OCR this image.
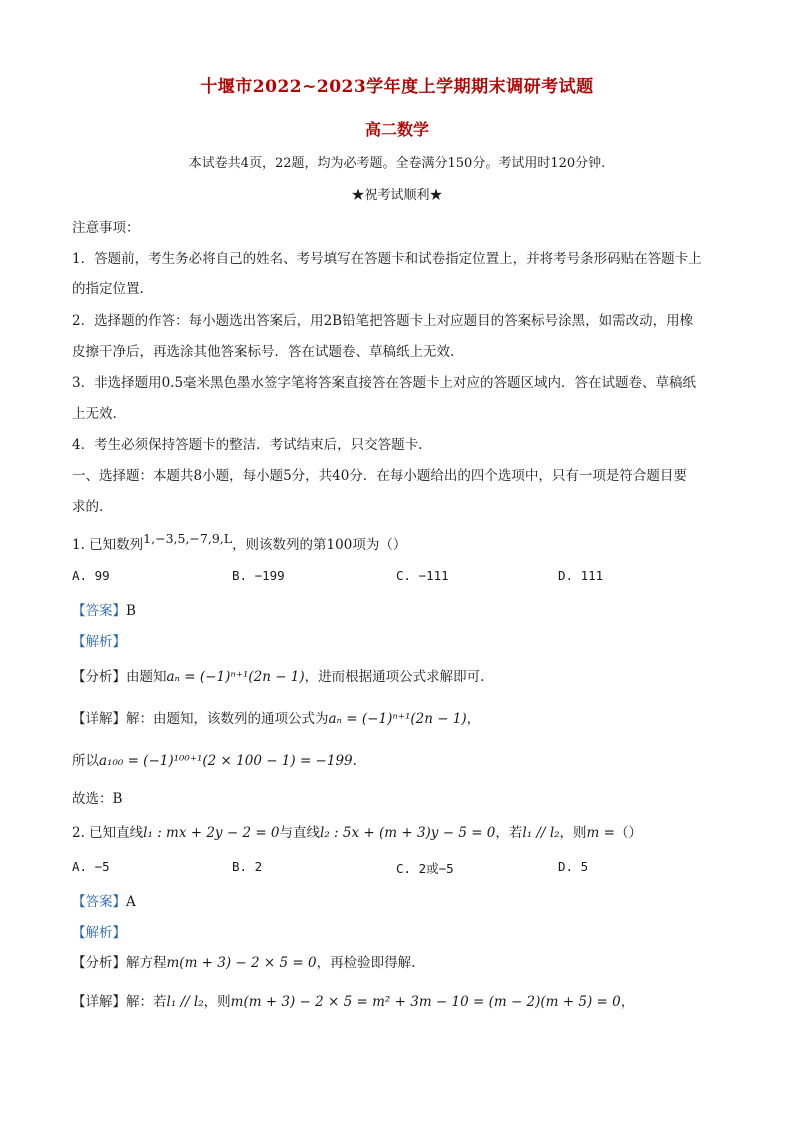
十堰市2022~2023学年度上学期期末调研考试题
高二数学
本试卷共4页，22题，均为必考题。全卷满分150分。考试用时120分钟.
★祝考试顺利★
注意事项：
1．答题前，考生务必将自己的姓名、考号填写在答题卡和试卷指定位置上，并将考号条形码贴在答题卡上
的指定位置.
2．选择题的作答：每小题选出答案后，用2B铅笔把答题卡上对应题目的答案标号涂黑，如需改动，用橡
皮擦干净后，再选涂其他答案标号．答在试题卷、草稿纸上无效.
3．非选择题用0.5毫米黑色墨水签字笔将答案直接答在答题卡上对应的答题区域内．答在试题卷、草稿纸
上无效.
4．考生必须保持答题卡的整洁．考试结束后，只交答题卡.
一、选择题：本题共8小题，每小题5分，共40分．在每小题给出的四个选项中，只有一项是符合题目要
求的.
1. 已知数列1,−3,5,−7,9,L，则该数列的第100项为（）
A. 99	B. −199	C. −111	D. 111
【答案】B
【解析】
【分析】由题知aₙ = (−1)ⁿ⁺¹(2n − 1)，进而根据通项公式求解即可.
【详解】解：由题知，该数列的通项公式为aₙ = (−1)ⁿ⁺¹(2n − 1)，
所以a₁₀₀ = (−1)¹⁰⁰⁺¹(2 × 100 − 1) = −199.
故选：B
2. 已知直线l₁ : mx + 2y − 2 = 0与直线l₂ : 5x + (m + 3)y − 5 = 0，若l₁ // l₂，则m =（）
A. −5	B. 2	C. 2或−5	D. 5
【答案】A
【解析】
【分析】解方程m(m + 3) − 2 × 5 = 0，再检验即得解.
【详解】解：若l₁ // l₂，则m(m + 3) − 2 × 5 = m² + 3m − 10 = (m − 2)(m + 5) = 0，
